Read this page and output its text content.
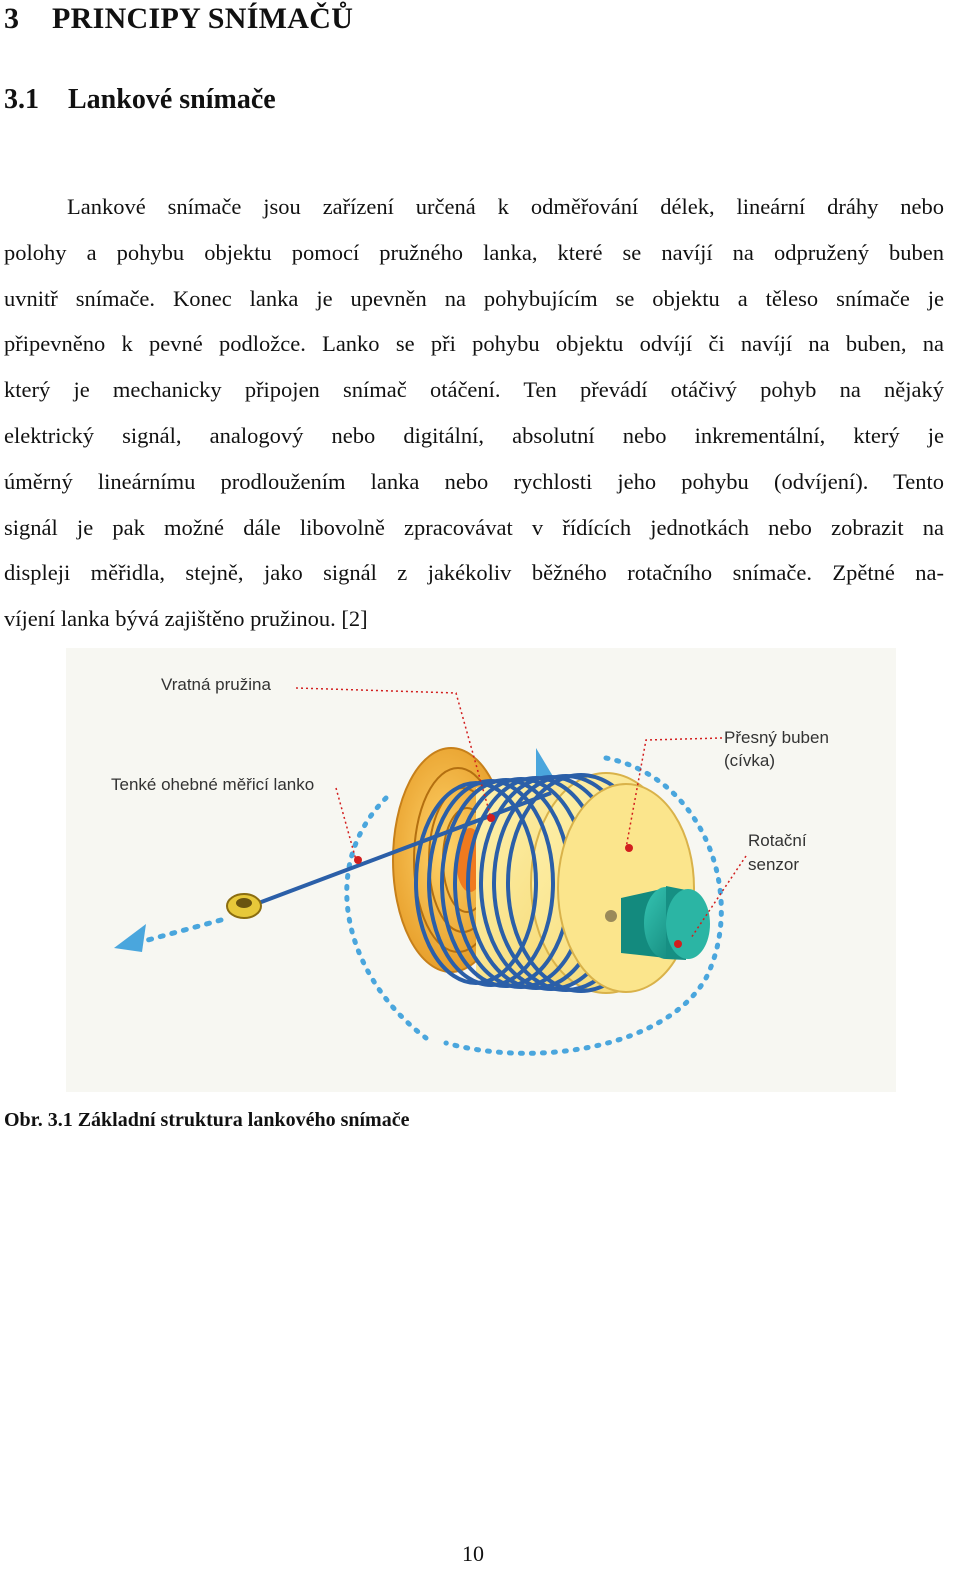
3 PRINCIPY SNÍMAČŮ
3.1 Lankové snímače

Lankové snímače jsou zařízení určená k odměřování délek, lineární dráhy nebo
polohy a pohybu objektu pomocí pružného lanka, které se navíjí na odpružený buben
uvnitř snímače. Konec lanka je upevněn na pohybujícím se objektu a těleso snímače je
připevněno k pevné podložce. Lanko se při pohybu objektu odvíjí či navíjí na buben, na
který je mechanicky připojen snímač otáčení. Ten převádí otáčivý pohyb na nějaký
elektrický signál, analogový nebo digitální, absolutní nebo inkrementální, který je
úměrný lineárnímu prodloužením lanka nebo rychlosti jeho pohybu (odvíjení). Tento
signál je pak možné dále libovolně zpracovávat v řídících jednotkách nebo zobrazit na
displeji měřidla, stejně, jako signál z jakékoliv běžného rotačního snímače. Zpětné na-
víjení lanka bývá zajištěno pružinou. [2]

Vratná pružina
Tenké ohebné měřicí lanko
Přesný buben
(cívka)
Rotační
senzor

Obr. 3.1 Základní struktura lankového snímače

10
